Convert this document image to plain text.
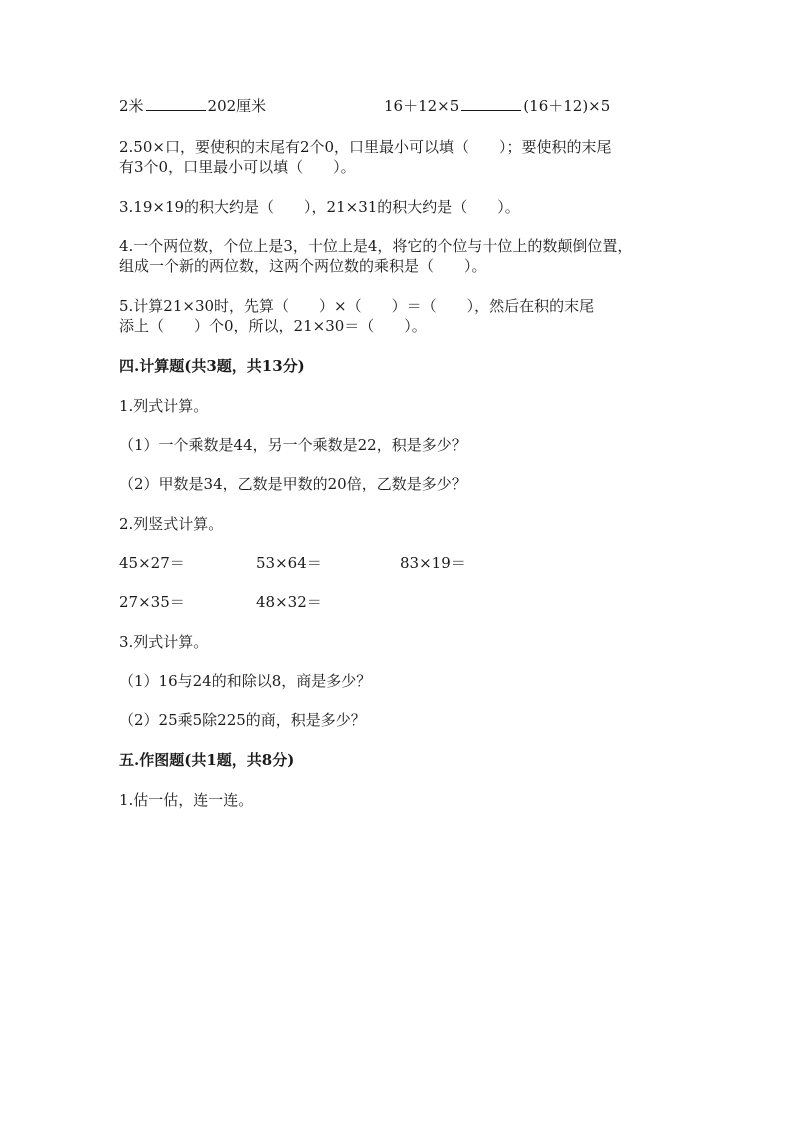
2米	202厘米	16＋12×5	(16＋12)×5
2.50×口，要使积的末尾有2个0，口里最小可以填（　　）；要使积的末尾
有3个0，口里最小可以填（　　）。
3.19×19的积大约是（　　），21×31的积大约是（　　）。
4.一个两位数，个位上是3，十位上是4，将它的个位与十位上的数颠倒位置，
组成一个新的两位数，这两个两位数的乘积是（　　）。
5.计算21×30时，先算（　　）×（　　）＝（　　），然后在积的末尾
添上（　　）个0，所以，21×30＝（　　）。
四.计算题(共3题，共13分)
1.列式计算。
（1）一个乘数是44，另一个乘数是22，积是多少？
（2）甲数是34，乙数是甲数的20倍，乙数是多少？
2.列竖式计算。
45×27＝	53×64＝	83×19＝
27×35＝	48×32＝
3.列式计算。
（1）16与24的和除以8，商是多少？
（2）25乘5除225的商，积是多少？
五.作图题(共1题，共8分)
1.估一估，连一连。
